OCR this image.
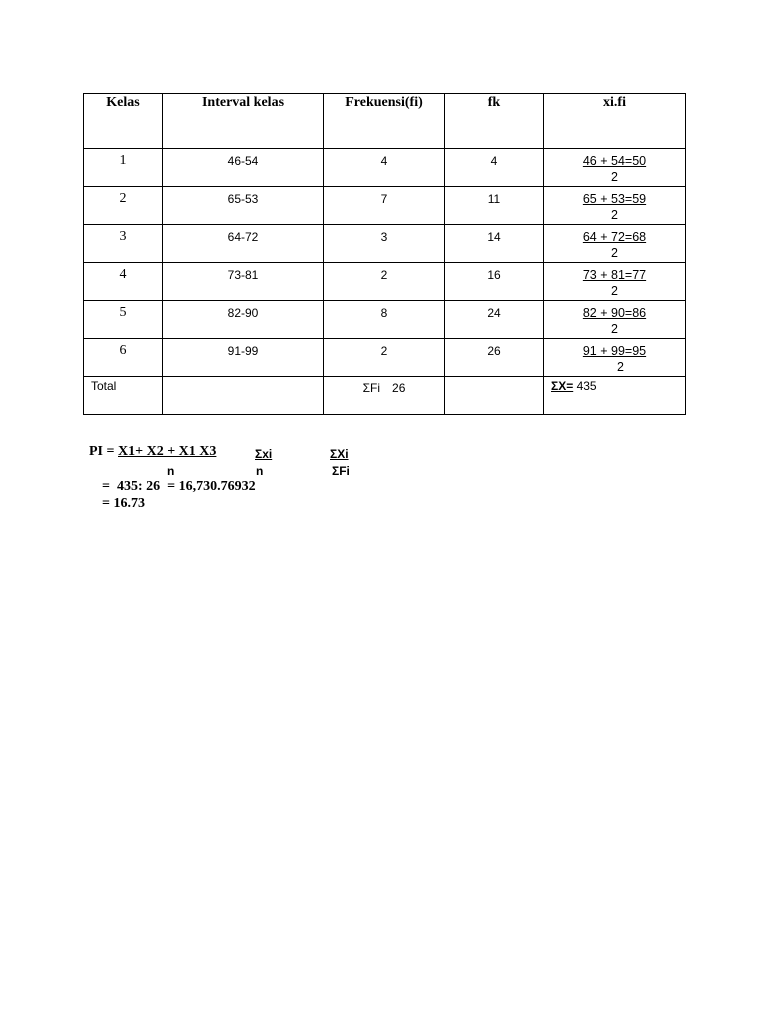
Kelas	Interval kelas	Frekuensi(fi)	fk	xi.fi

1	46-54	4	4	46 + 54=50
2

2	65-53	7	11	65 + 53=59
2

3	64-72	3	14	64 + 72=68
2

4	73-81	2	16	73 + 81=77
2

5	82-90	8	24	82 + 90=86
2

6	91-99	2	26	91 + 99=95
2

Total		ΣFi 26		ΣX= 435
PI = X1+ X2 + X1 X3
n
Σxi
n
ΣXi
ΣFi
=  435: 26  = 16,730.76932
= 16.73
